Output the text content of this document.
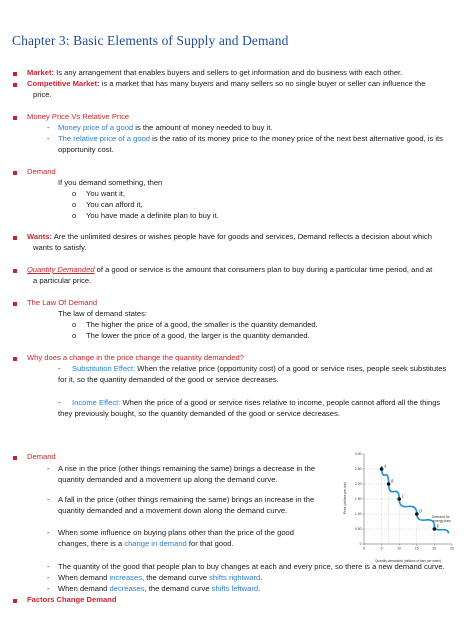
Chapter 3: Basic Elements of Supply and Demand
Market: Is any arrangement that enables buyers and sellers to get information and do business with each other.
Competitive Market: is a market that has many buyers and many sellers so no single buyer or seller can influence the
price.
Money Price Vs Relative Price
- Money price of a good is the amount of money needed to buy it.
- The relative price of a good is the ratio of its money price to the money price of the next best alternative good, is its
opportunity cost.
Demand
If you demand something, then
o You want it,
o You can afford it,
o You have made a definite plan to buy it.
Wants: Are the unlimited desires or wishes people have for goods and services, Demand reflects a decision about which
wants to satisfy.
Quantity Demanded of a good or service is the amount that consumers plan to buy during a particular time period, and at
a particular price.
The Law Of Demand
The law of demand states:
o The higher the price of a good, the smaller is the quantity demanded.
o The lower the price of a good, the larger is the quantity demanded.
Why does a change in the price change the quantity demanded?
- Substitution Effect: When the relative price (opportunity cost) of a good or service rises, people seek substitutes
for it, so the quantity demanded of the good or service decreases.
- Income Effect: When the price of a good or service rises relative to income, people cannot afford all the things
they previously bought, so the quantity demanded of the good or service decreases.
Demand
- A rise in the price (other things remaining the same) brings a decrease in the
quantity demanded and a movement up along the demand curve.
- A fall in the price (other things remaining the same) brings an increase in the
quantity demanded and a movement down along the demand curve.
- When some influence on buying plans other than the price of the good
changes, there is a change in demand for that good.
- The quantity of the good that people plan to buy changes at each and every price, so there is a new demand curve.
- When demand increases, the demand curve shifts rightward.
- When demand decreases, the demand curve shifts leftward.
Factors Change Demand
Price (dollars per bar)
3.00
2.50
2.00
1.50
1.00
0.50
0
0	5	10	15	20	25
A
B
C
D
E
Quantity demanded (millions of bars per week)
Demand for energy bars
